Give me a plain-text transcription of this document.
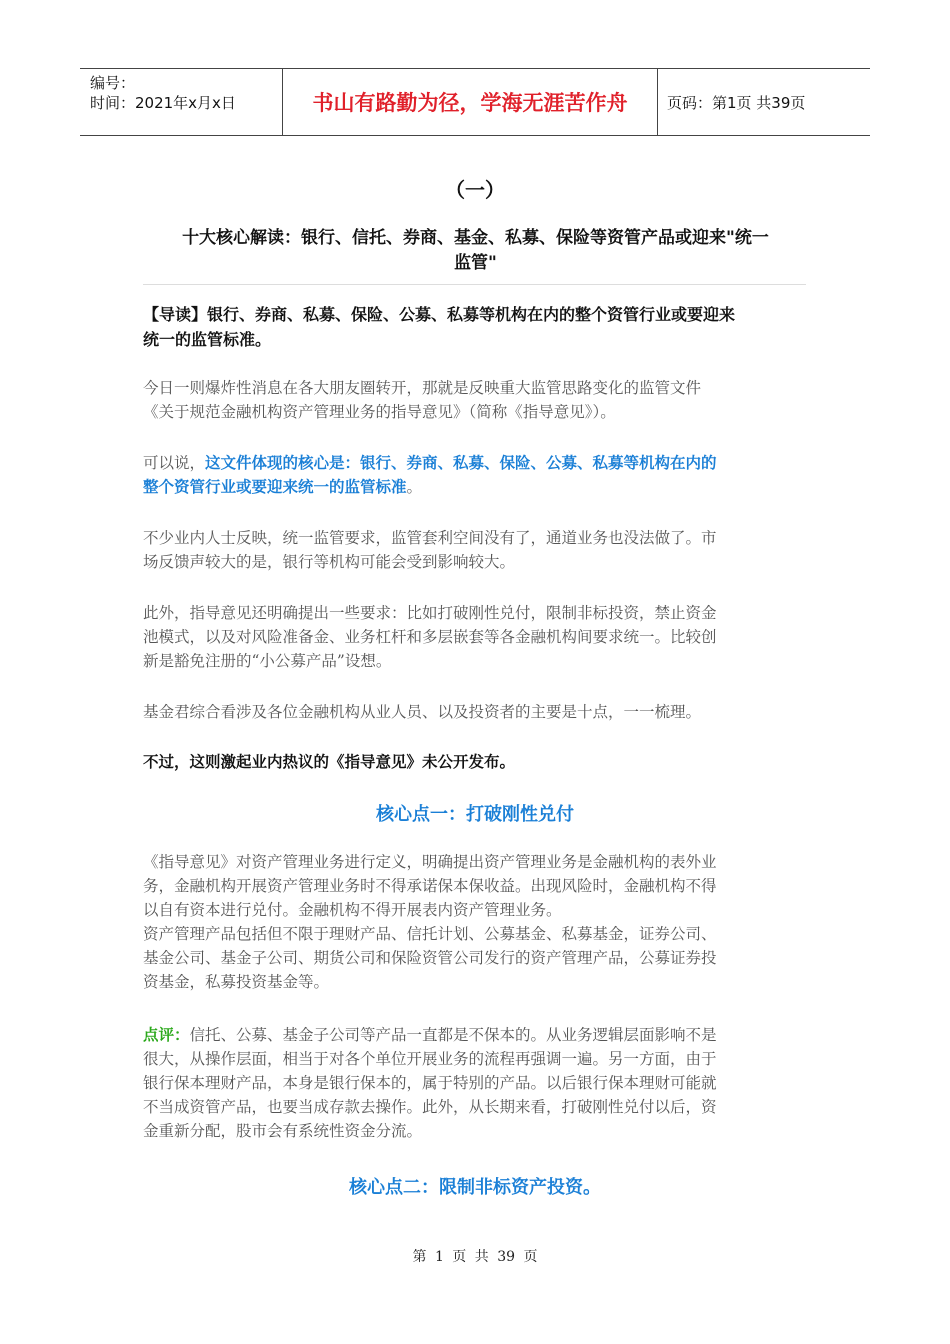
编号：
时间：2021年x月x日	书山有路勤为径，学海无涯苦作舟	页码：第1页 共39页
（一）
十大核心解读：银行、信托、券商、基金、私募、保险等资管产品或迎来"统一
监管"
【导读】银行、券商、私募、保险、公募、私募等机构在内的整个资管行业或要迎来
统一的监管标准。
今日一则爆炸性消息在各大朋友圈转开，那就是反映重大监管思路变化的监管文件
《关于规范金融机构资产管理业务的指导意见》（简称《指导意见》）。
可以说，这文件体现的核心是：银行、券商、私募、保险、公募、私募等机构在内的
整个资管行业或要迎来统一的监管标准。
不少业内人士反映，统一监管要求，监管套利空间没有了，通道业务也没法做了。市
场反馈声较大的是，银行等机构可能会受到影响较大。
此外，指导意见还明确提出一些要求：比如打破刚性兑付，限制非标投资，禁止资金
池模式，以及对风险准备金、业务杠杆和多层嵌套等各金融机构间要求统一。比较创
新是豁免注册的“小公募产品”设想。
基金君综合看涉及各位金融机构从业人员、以及投资者的主要是十点，一一梳理。
不过，这则激起业内热议的《指导意见》未公开发布。
核心点一：打破刚性兑付
《指导意见》对资产管理业务进行定义，明确提出资产管理业务是金融机构的表外业
务，金融机构开展资产管理业务时不得承诺保本保收益。出现风险时，金融机构不得
以自有资本进行兑付。金融机构不得开展表内资产管理业务。
资产管理产品包括但不限于理财产品、信托计划、公募基金、私募基金，证券公司、
基金公司、基金子公司、期货公司和保险资管公司发行的资产管理产品，公募证券投
资基金，私募投资基金等。
点评：信托、公募、基金子公司等产品一直都是不保本的。从业务逻辑层面影响不是
很大，从操作层面，相当于对各个单位开展业务的流程再强调一遍。另一方面，由于
银行保本理财产品，本身是银行保本的，属于特别的产品。以后银行保本理财可能就
不当成资管产品，也要当成存款去操作。此外，从长期来看，打破刚性兑付以后，资
金重新分配，股市会有系统性资金分流。
核心点二：限制非标资产投资。
第 1 页 共 39 页
